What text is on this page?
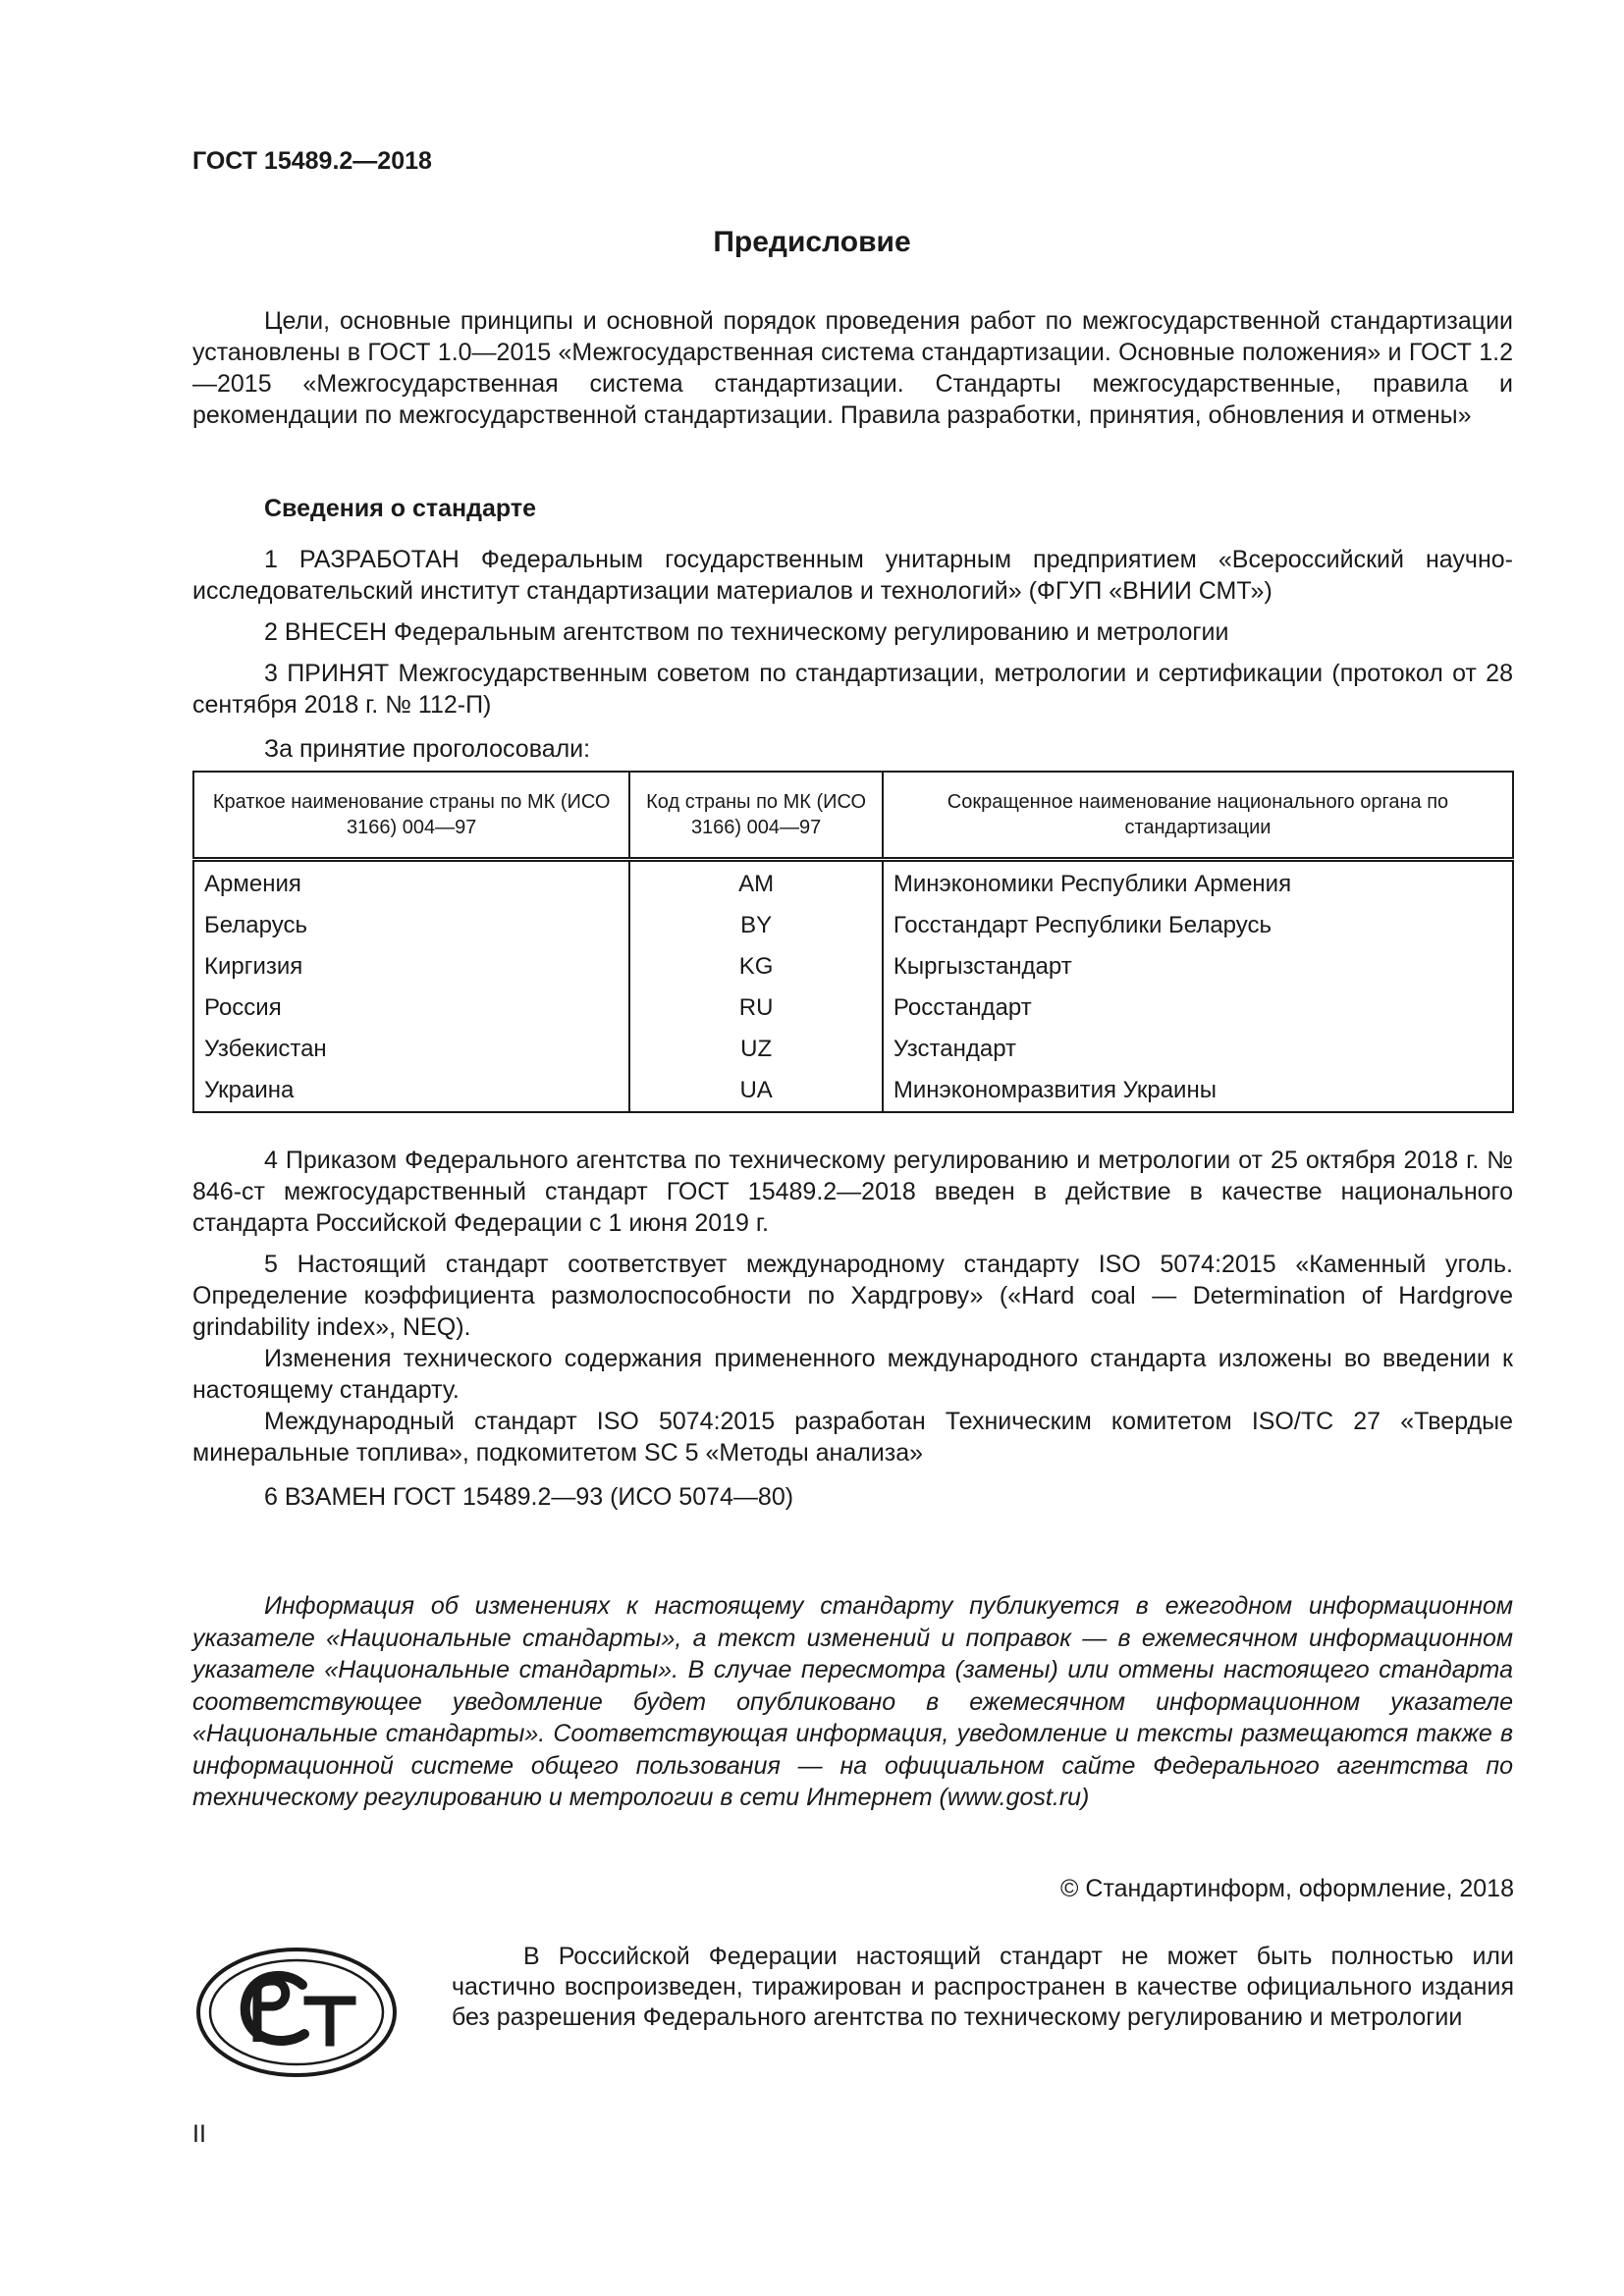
ГОСТ 15489.2—2018
Предисловие

Цели, основные принципы и основной порядок проведения работ по межгосударственной стандартизации установлены в ГОСТ 1.0—2015 «Межгосударственная система стандартизации. Основные положения» и ГОСТ 1.2—2015 «Межгосударственная система стандартизации. Стандарты межгосударственные, правила и рекомендации по межгосударственной стандартизации. Правила разработки, принятия, обновления и отмены»

Сведения о стандарте

1 РАЗРАБОТАН Федеральным государственным унитарным предприятием «Всероссийский научно-исследовательский институт стандартизации материалов и технологий» (ФГУП «ВНИИ СМТ»)

2 ВНЕСЕН Федеральным агентством по техническому регулированию и метрологии

3 ПРИНЯТ Межгосударственным советом по стандартизации, метрологии и сертификации (протокол от 28 сентября 2018 г. № 112-П)

За принятие проголосовали:

Краткое наименование страны по МК (ИСО 3166) 004—97	Код страны по МК (ИСО 3166) 004—97	Сокращенное наименование национального органа по стандартизации
Армения	AM	Минэкономики Республики Армения
Беларусь	BY	Госстандарт Республики Беларусь
Киргизия	KG	Кыргызстандарт
Россия	RU	Росстандарт
Узбекистан	UZ	Узстандарт
Украина	UA	Минэкономразвития Украины

4 Приказом Федерального агентства по техническому регулированию и метрологии от 25 октября 2018 г. № 846-ст межгосударственный стандарт ГОСТ 15489.2—2018 введен в действие в качестве национального стандарта Российской Федерации с 1 июня 2019 г.

5 Настоящий стандарт соответствует международному стандарту ISO 5074:2015 «Каменный уголь. Определение коэффициента размолоспособности по Хардгрову» («Hard coal — Determination of Hardgrove grindability index», NEQ).

Изменения технического содержания примененного международного стандарта изложены во введении к настоящему стандарту.

Международный стандарт ISO 5074:2015 разработан Техническим комитетом ISO/TC 27 «Твердые минеральные топлива», подкомитетом SC 5 «Методы анализа»

6 ВЗАМЕН ГОСТ 15489.2—93 (ИСО 5074—80)

Информация об изменениях к настоящему стандарту публикуется в ежегодном информационном указателе «Национальные стандарты», а текст изменений и поправок — в ежемесячном информационном указателе «Национальные стандарты». В случае пересмотра (замены) или отмены настоящего стандарта соответствующее уведомление будет опубликовано в ежемесячном информационном указателе «Национальные стандарты». Соответствующая информация, уведомление и тексты размещаются также в информационной системе общего пользования — на официальном сайте Федерального агентства по техническому регулированию и метрологии в сети Интернет (www.gost.ru)

© Стандартинформ, оформление, 2018

В Российской Федерации настоящий стандарт не может быть полностью или частично воспроизведен, тиражирован и распространен в качестве официального издания без разрешения Федерального агентства по техническому регулированию и метрологии

II
